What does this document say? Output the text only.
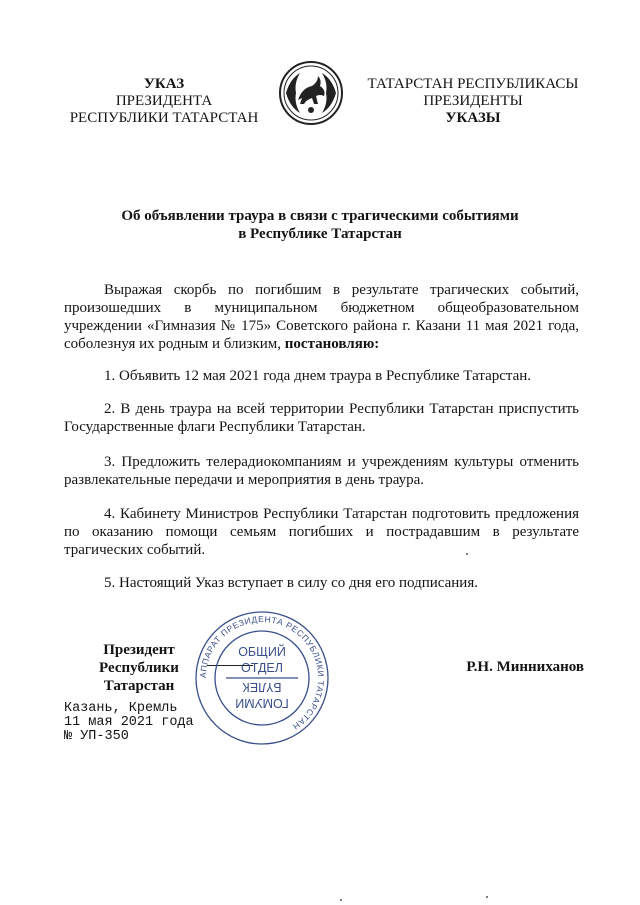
УКАЗ
ПРЕЗИДЕНТА
РЕСПУБЛИКИ ТАТАРСТАН
ТАТАРСТАН РЕСПУБЛИКАСЫ
ПРЕЗИДЕНТЫ
УКАЗЫ
Об объявлении траура в связи с трагическими событиями
в Республике Татарстан
Выражая скорбь по погибшим в результате трагических событий, произошедших в муниципальном бюджетном общеобразовательном учреждении «Гимназия № 175» Советского района г. Казани 11 мая 2021 года, соболезнуя их родным и близким, постановляю:
1. Объявить 12 мая 2021 года днем траура в Республике Татарстан.
2. В день траура на всей территории Республики Татарстан приспустить Государственные флаги Республики Татарстан.
3. Предложить телерадиокомпаниям и учреждениям культуры отменить развлекательные передачи и мероприятия в день траура.
4. Кабинету Министров Республики Татарстан подготовить предложения по оказанию помощи семьям погибших и пострадавшим в результате трагических событий.
5. Настоящий Указ вступает в силу со дня его подписания.
Президент
Республики Татарстан
Р.Н. Минниханов
АППАРАТ ПРЕЗИДЕНТА РЕСПУБЛИКИ ТАТАРСТАН
ОБЩИЙ
ОТДЕЛ
БҮЛЕК
ГОМУМИ
Казань, Кремль
11 мая 2021 года
№ УП-350
